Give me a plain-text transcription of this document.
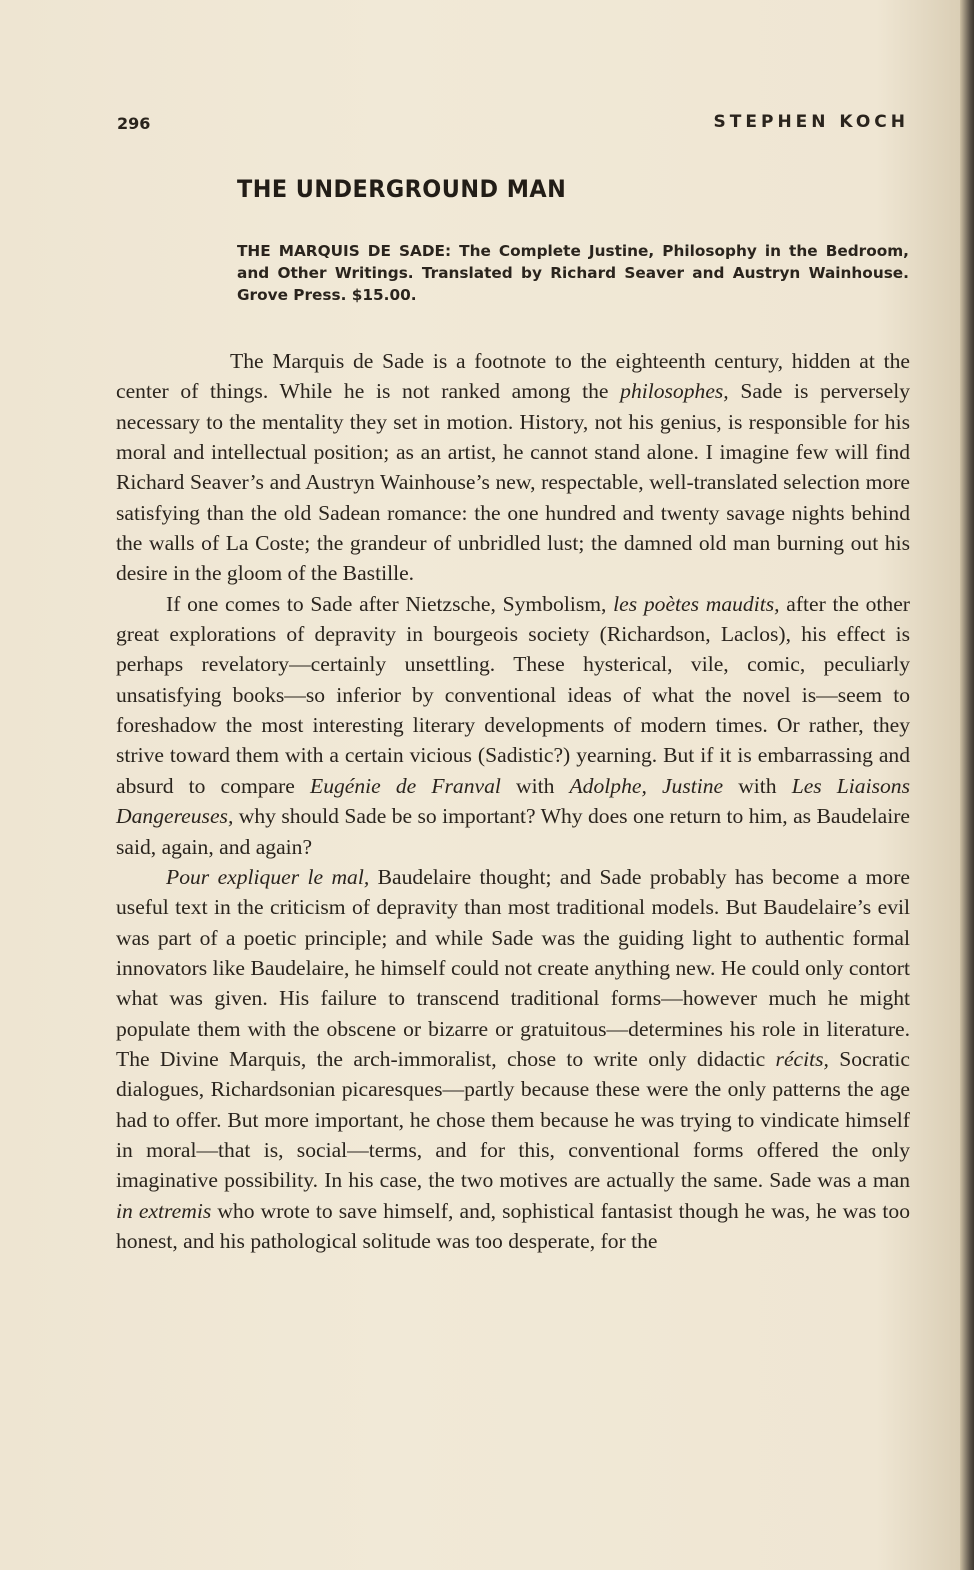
296	STEPHEN KOCH
THE UNDERGROUND MAN

THE MARQUIS DE SADE: The Complete Justine, Philosophy in the Bedroom, and Other Writings. Translated by Richard Seaver and Austryn Wainhouse. Grove Press. $15.00.

The Marquis de Sade is a footnote to the eighteenth century, hidden at the center of things. While he is not ranked among the philosophes, Sade is perversely necessary to the mentality they set in motion. History, not his genius, is responsible for his moral and intellectual position; as an artist, he cannot stand alone. I imagine few will find Richard Seaver’s and Austryn Wainhouse’s new, respectable, well-translated selection more satisfying than the old Sadean romance: the one hundred and twenty savage nights behind the walls of La Coste; the grandeur of unbridled lust; the damned old man burning out his desire in the gloom of the Bastille.

If one comes to Sade after Nietzsche, Symbolism, les poètes maudits, after the other great explorations of depravity in bourgeois society (Richardson, Laclos), his effect is perhaps revelatory—certainly unsettling. These hysterical, vile, comic, peculiarly unsatisfying books—so inferior by conventional ideas of what the novel is—seem to foreshadow the most interesting literary developments of modern times. Or rather, they strive toward them with a certain vicious (Sadistic?) yearning. But if it is embarrassing and absurd to compare Eugénie de Franval with Adolphe, Justine with Les Liaisons Dangereuses, why should Sade be so important? Why does one return to him, as Baudelaire said, again, and again?

Pour expliquer le mal, Baudelaire thought; and Sade probably has become a more useful text in the criticism of depravity than most traditional models. But Baudelaire’s evil was part of a poetic principle; and while Sade was the guiding light to authentic formal innovators like Baudelaire, he himself could not create anything new. He could only contort what was given. His failure to transcend traditional forms—however much he might populate them with the obscene or bizarre or gratuitous—determines his role in literature. The Divine Marquis, the arch-immoralist, chose to write only didactic récits, Socratic dialogues, Richardsonian picaresques—partly because these were the only patterns the age had to offer. But more important, he chose them because he was trying to vindicate himself in moral—that is, social—terms, and for this, conventional forms offered the only imaginative possibility. In his case, the two motives are actually the same. Sade was a man in extremis who wrote to save himself, and, sophistical fantasist though he was, he was too honest, and his pathological solitude was too desperate, for the
